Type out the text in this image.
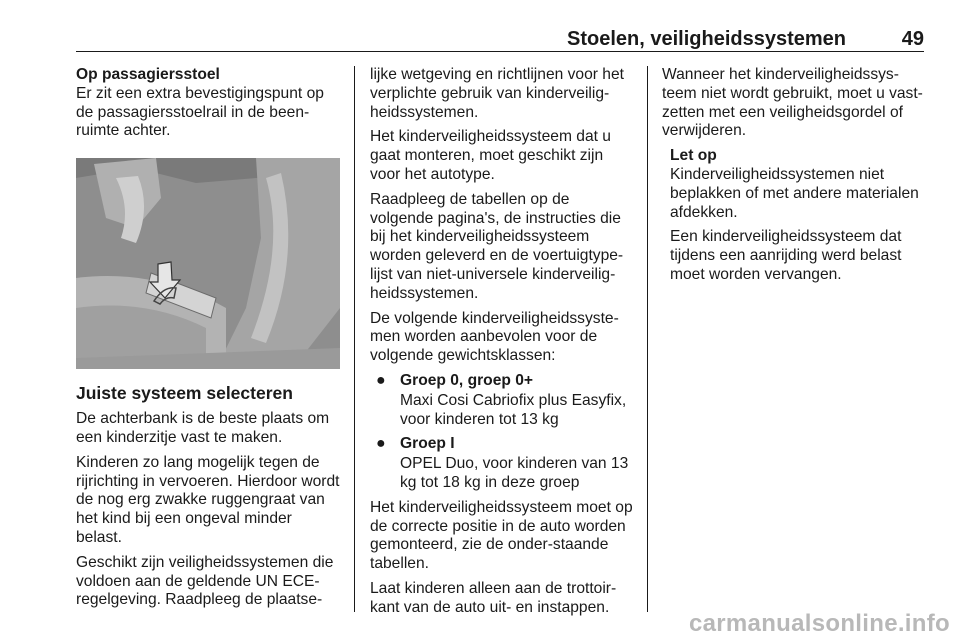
Stoelen, veiligheidssystemen	49
Op passagiersstoel
Er zit een extra bevestigingspunt op de passagiersstoelrail in de been-ruimte achter.
Juiste systeem selecteren
De achterbank is de beste plaats om een kinderzitje vast te maken.
Kinderen zo lang mogelijk tegen de rijrichting in vervoeren. Hierdoor wordt de nog erg zwakke ruggengraat van het kind bij een ongeval minder belast.
Geschikt zijn veiligheidssystemen die voldoen aan de geldende UN ECE-regelgeving. Raadpleeg de plaatse-
lijke wetgeving en richtlijnen voor het verplichte gebruik van kinderveilig-heidssystemen.
Het kinderveiligheidssysteem dat u gaat monteren, moet geschikt zijn voor het autotype.
Raadpleeg de tabellen op de volgende pagina's, de instructies die bij het kinderveiligheidssysteem worden geleverd en de voertuigtype-lijst van niet-universele kinderveilig-heidssystemen.
De volgende kinderveiligheidssyste-men worden aanbevolen voor de volgende gewichtsklassen:
● Groep 0, groep 0+
Maxi Cosi Cabriofix plus Easyfix, voor kinderen tot 13 kg
● Groep I
OPEL Duo, voor kinderen van 13 kg tot 18 kg in deze groep
Het kinderveiligheidssysteem moet op de correcte positie in de auto worden gemonteerd, zie de onder-staande tabellen.
Laat kinderen alleen aan de trottoir-kant van de auto uit- en instappen.
Wanneer het kinderveiligheidssys-teem niet wordt gebruikt, moet u vast-zetten met een veiligheidsgordel of verwijderen.
Let op
Kinderveiligheidssystemen niet beplakken of met andere materialen afdekken.
Een kinderveiligheidssysteem dat tijdens een aanrijding werd belast moet worden vervangen.
carmanualsonline.info
